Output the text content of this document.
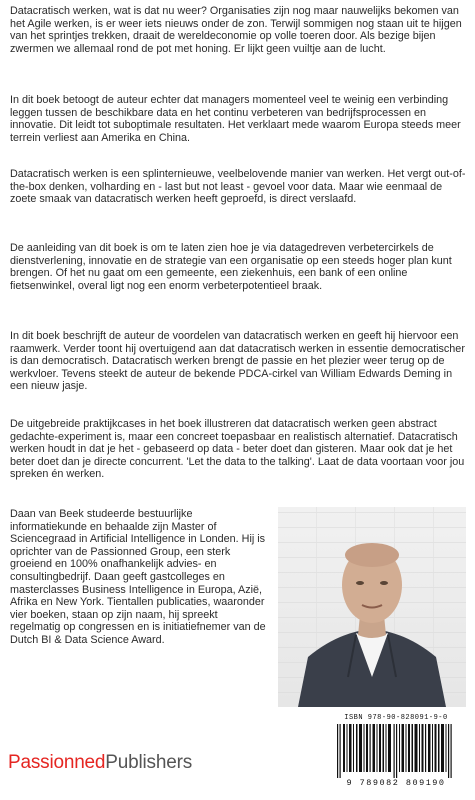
Datacratisch werken, wat is dat nu weer? Organisaties zijn nog maar nauwelijks bekomen van het Agile werken, is er weer iets nieuws onder de zon. Terwijl sommigen nog staan uit te hijgen van het sprintjes trekken, draait de wereldeconomie op volle toeren door. Als bezige bijen zwermen we allemaal rond de pot met honing. Er lijkt geen vuiltje aan de lucht.

In dit boek betoogt de auteur echter dat managers momenteel veel te weinig een verbinding leggen tussen de beschikbare data en het continu verbeteren van bedrijfsprocessen en innovatie. Dit leidt tot suboptimale resultaten. Het verklaart mede waarom Europa steeds meer terrein verliest aan Amerika en China.

Datacratisch werken is een splinternieuwe, veelbelovende manier van werken. Het vergt out-of-the-box denken, volharding en - last but not least - gevoel voor data. Maar wie eenmaal de zoete smaak van datacratisch werken heeft geproefd, is direct verslaafd.

De aanleiding van dit boek is om te laten zien hoe je via datagedreven verbetercirkels de dienstverlening, innovatie en de strategie van een organisatie op een steeds hoger plan kunt brengen. Of het nu gaat om een gemeente, een ziekenhuis, een bank of een online fietsenwinkel, overal ligt nog een enorm verbeterpotentieel braak.

In dit boek beschrijft de auteur de voordelen van datacratisch werken en geeft hij hiervoor een raamwerk. Verder toont hij overtuigend aan dat datacratisch werken in essentie democratischer is dan democratisch. Datacratisch werken brengt de passie en het plezier weer terug op de werkvloer. Tevens steekt de auteur de bekende PDCA-cirkel van William Edwards Deming in een nieuw jasje.

De uitgebreide praktijkcases in het boek illustreren dat datacratisch werken geen abstract gedachte-experiment is, maar een concreet toepasbaar en realistisch alternatief. Datacratisch werken houdt in dat je het - gebaseerd op data - beter doet dan gisteren. Maar ook dat je het beter doet dan je directe concurrent. 'Let the data to the talking'. Laat de data voortaan voor jou spreken én werken.

Daan van Beek studeerde bestuurlijke informatiekunde en behaalde zijn Master of Sciencegraad in Artificial Intelligence in Londen. Hij is oprichter van de Passionned Group, een sterk groeiend en 100% onafhankelijk advies- en consultingbedrijf. Daan geeft gastcolleges en masterclasses Business Intelligence in Europa, Azië, Afrika en New York. Tientallen publicaties, waaronder vier boeken, staan op zijn naam, hij spreekt regelmatig op congressen en is initiatiefnemer van de Dutch BI & Data Science Award.

ISBN 978-90-828091-9-0
9 789082 809190
PassionnedPublishers
